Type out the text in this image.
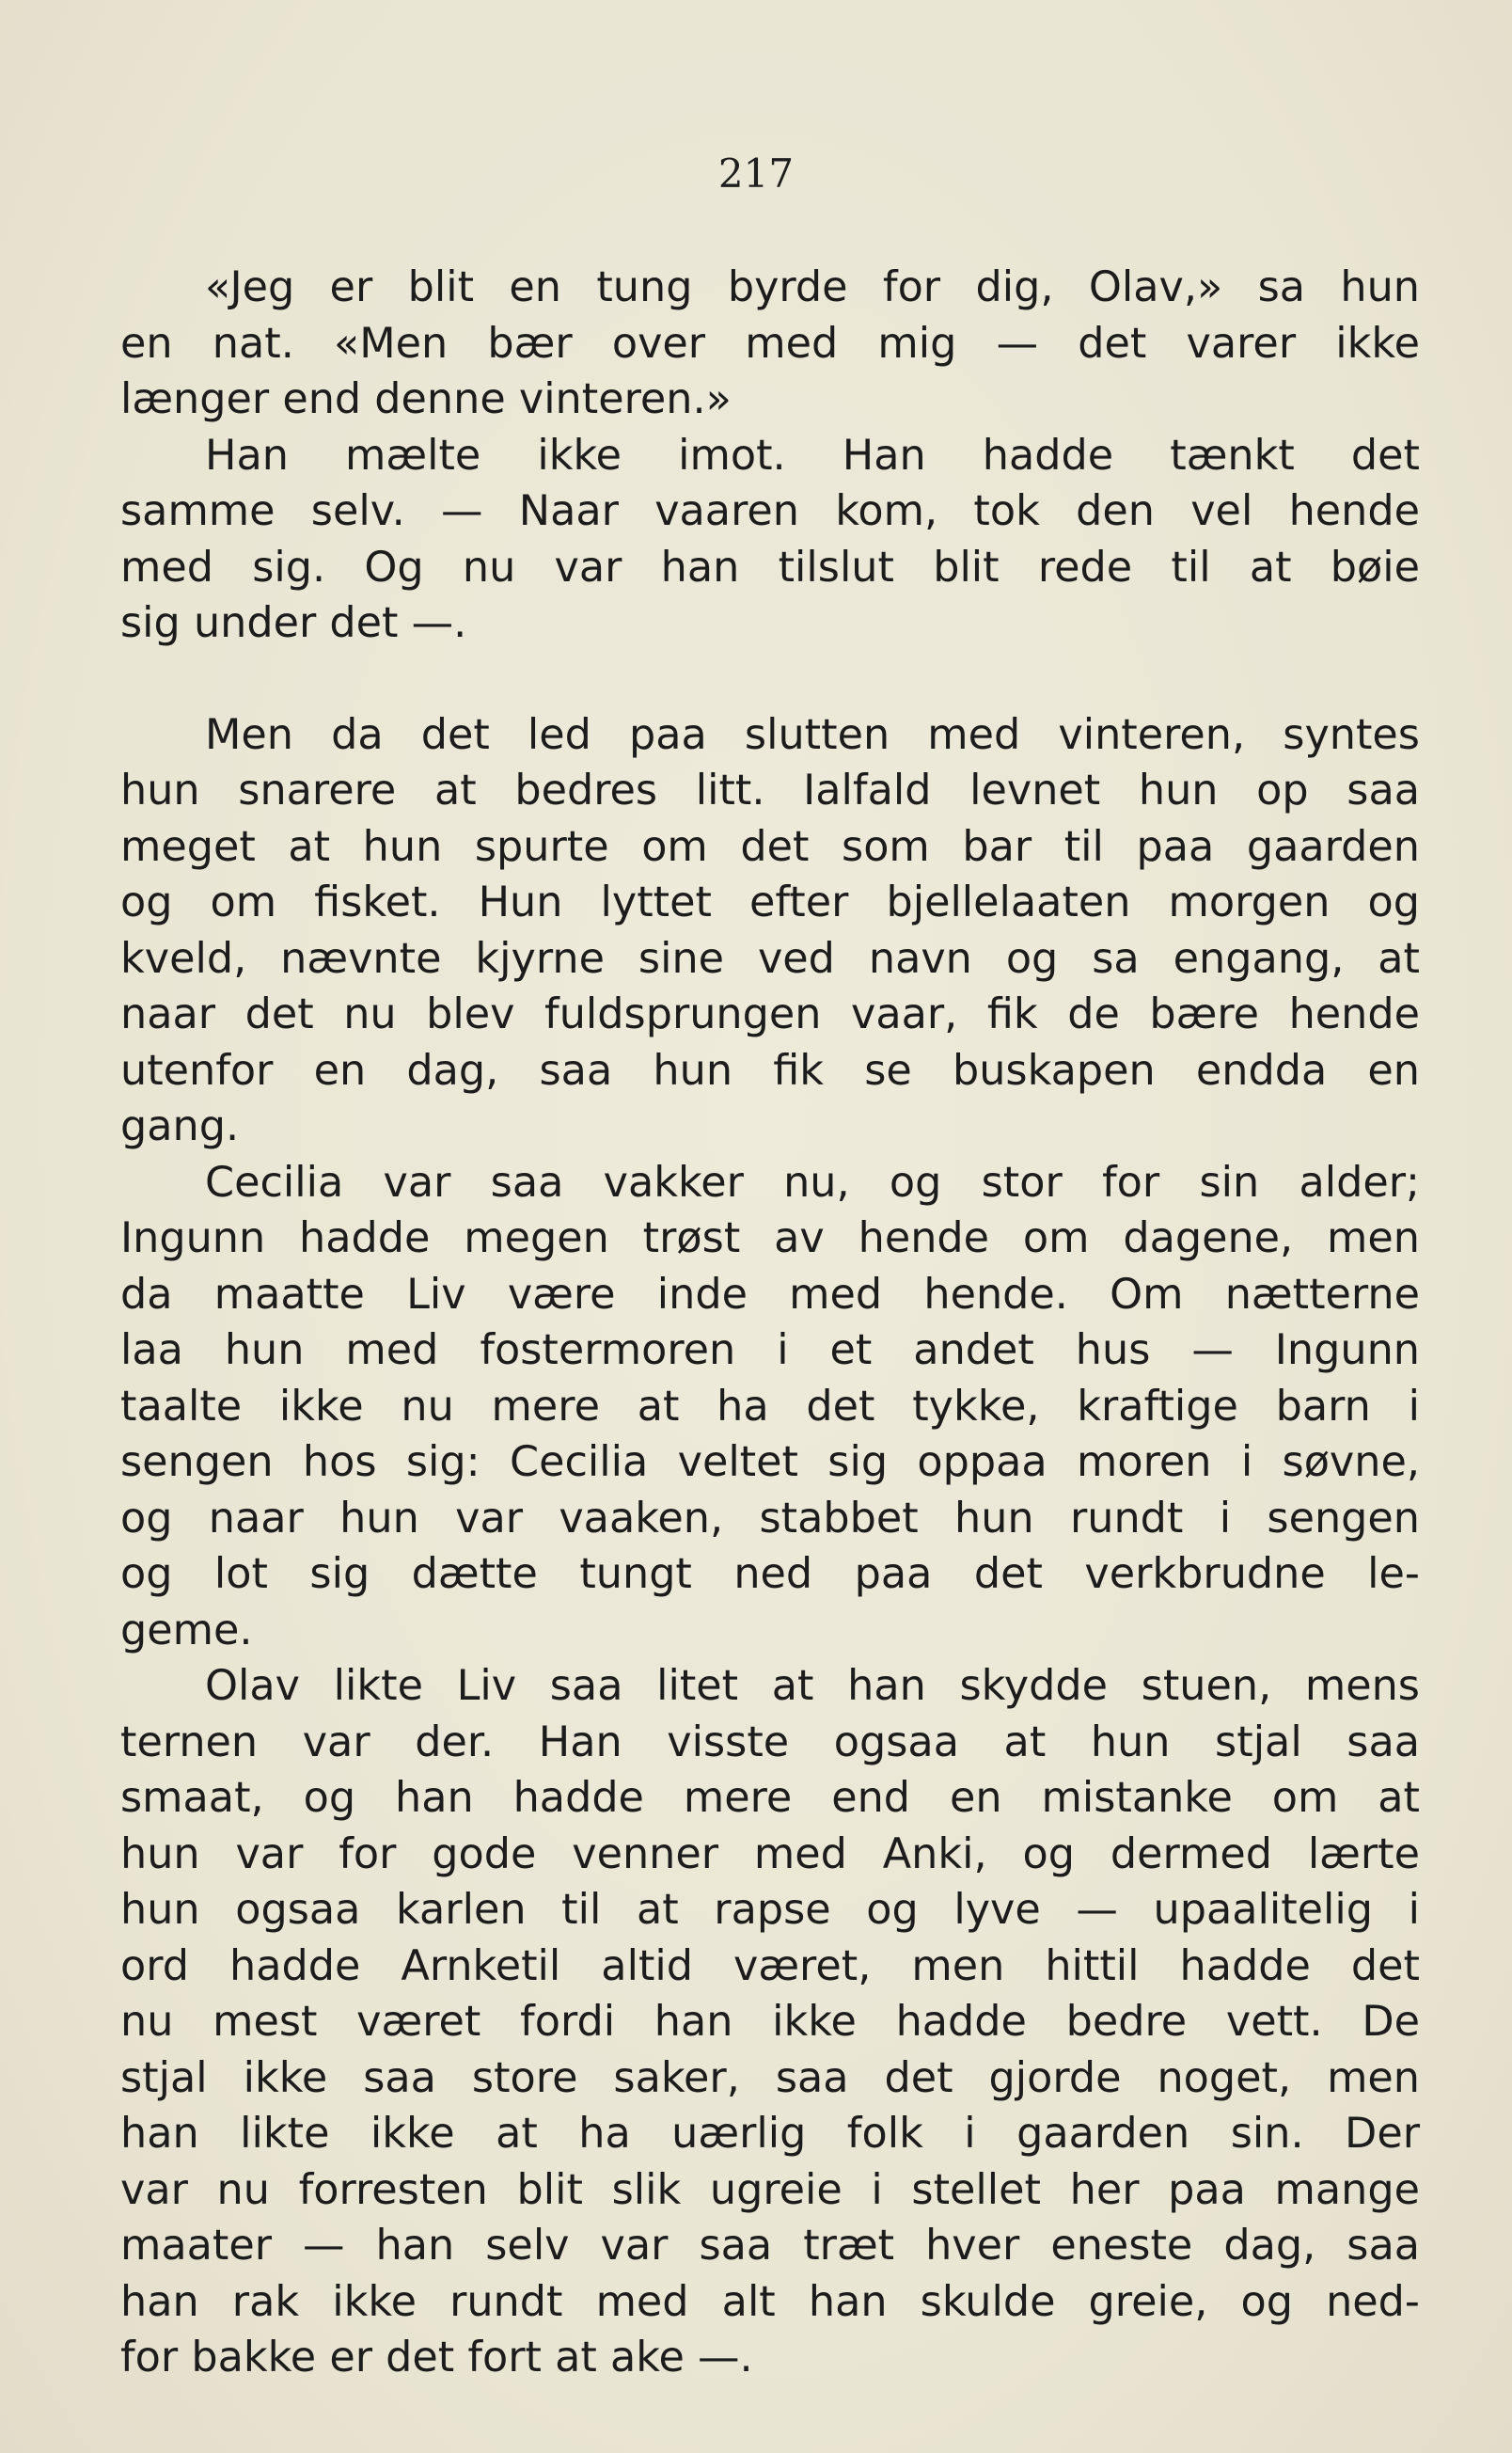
217
«Jeg er blit en tung byrde for dig, Olav,» sa hun
en nat. «Men bær over med mig — det varer ikke
længer end denne vinteren.»
Han mælte ikke imot. Han hadde tænkt det
samme selv. — Naar vaaren kom, tok den vel hende
med sig. Og nu var han tilslut blit rede til at bøie
sig under det —.
Men da det led paa slutten med vinteren, syntes
hun snarere at bedres litt. Ialfald levnet hun op saa
meget at hun spurte om det som bar til paa gaarden
og om fisket. Hun lyttet efter bjellelaaten morgen og
kveld, nævnte kjyrne sine ved navn og sa engang, at
naar det nu blev fuldsprungen vaar, fik de bære hende
utenfor en dag, saa hun fik se buskapen endda en
gang.
Cecilia var saa vakker nu, og stor for sin alder;
Ingunn hadde megen trøst av hende om dagene, men
da maatte Liv være inde med hende. Om nætterne
laa hun med fostermoren i et andet hus — Ingunn
taalte ikke nu mere at ha det tykke, kraftige barn i
sengen hos sig: Cecilia veltet sig oppaa moren i søvne,
og naar hun var vaaken, stabbet hun rundt i sengen
og lot sig dætte tungt ned paa det verkbrudne le-
geme.
Olav likte Liv saa litet at han skydde stuen, mens
ternen var der. Han visste ogsaa at hun stjal saa
smaat, og han hadde mere end en mistanke om at
hun var for gode venner med Anki, og dermed lærte
hun ogsaa karlen til at rapse og lyve — upaalitelig i
ord hadde Arnketil altid været, men hittil hadde det
nu mest været fordi han ikke hadde bedre vett. De
stjal ikke saa store saker, saa det gjorde noget, men
han likte ikke at ha uærlig folk i gaarden sin. Der
var nu forresten blit slik ugreie i stellet her paa mange
maater — han selv var saa træt hver eneste dag, saa
han rak ikke rundt med alt han skulde greie, og ned-
for bakke er det fort at ake —.
